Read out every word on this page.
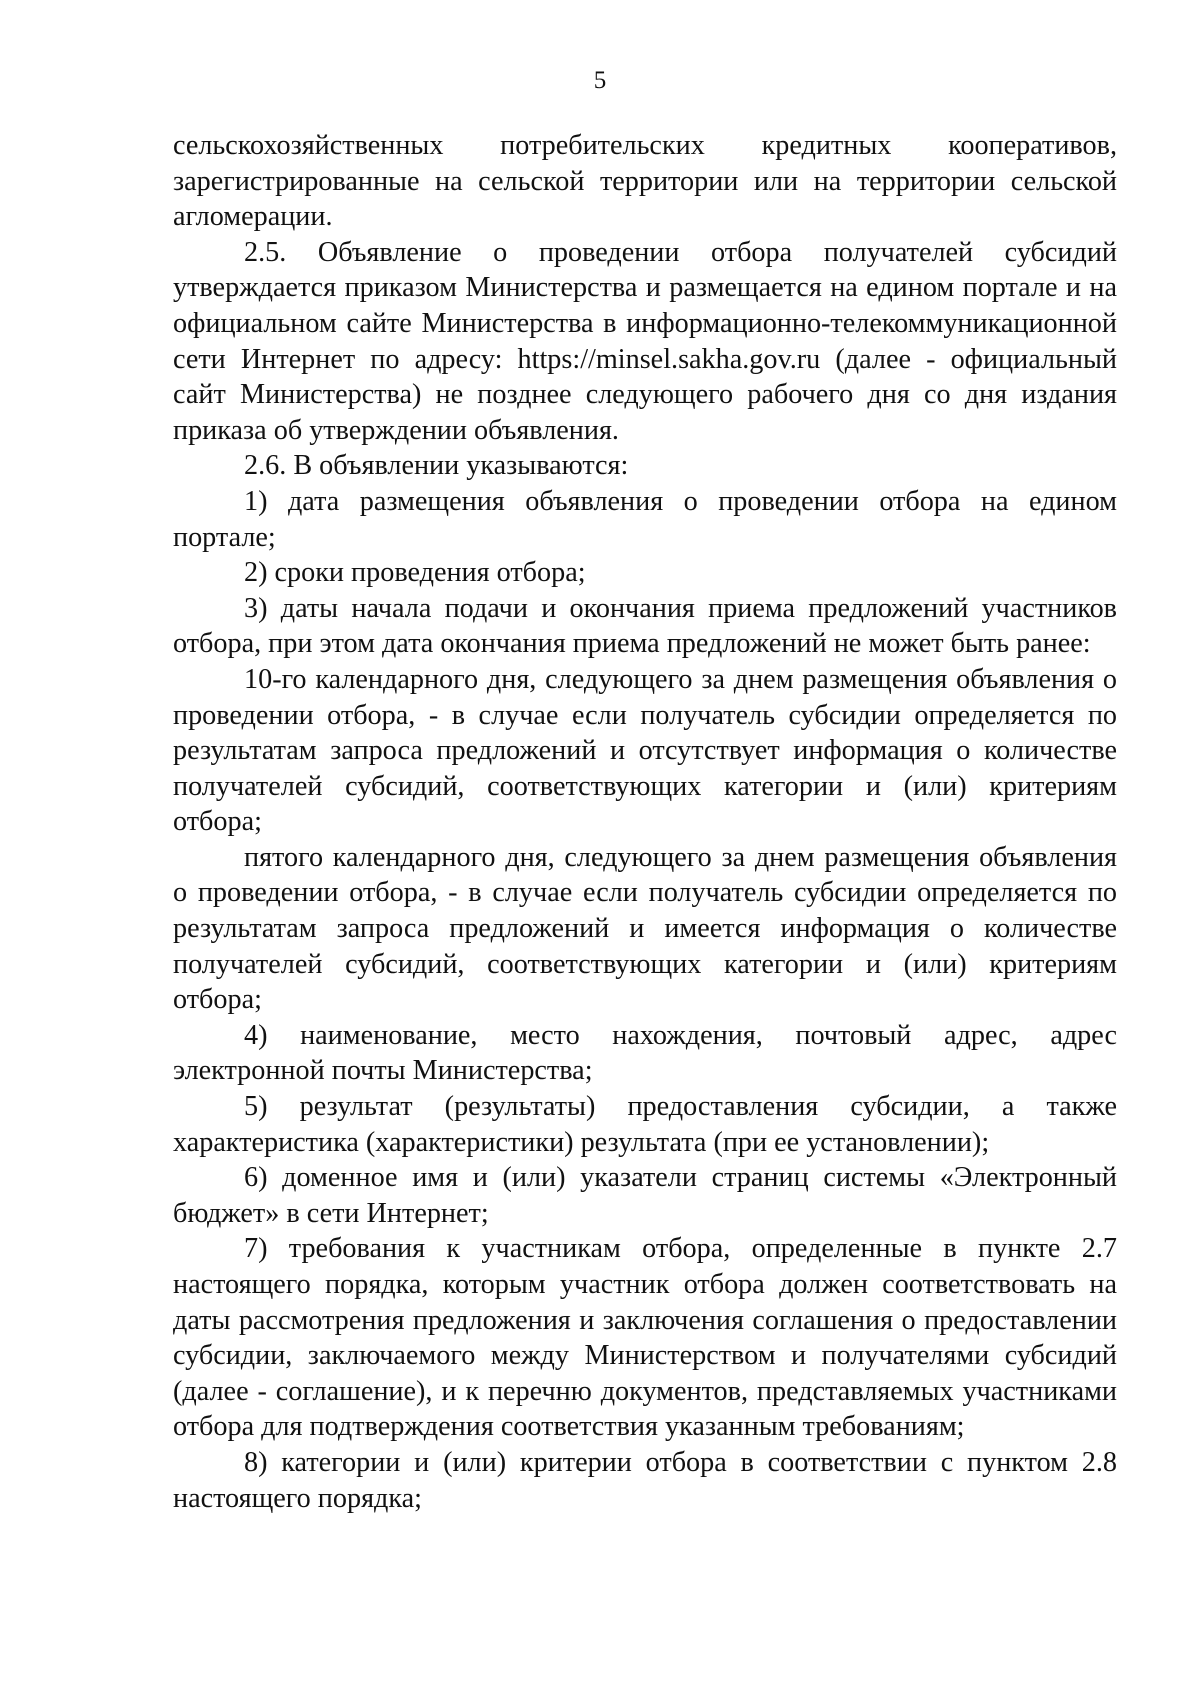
5

сельскохозяйственных потребительских кредитных кооперативов, зарегистрированные на сельской территории или на территории сельской агломерации.

2.5. Объявление о проведении отбора получателей субсидий утверждается приказом Министерства и размещается на едином портале и на официальном сайте Министерства в информационно-телекоммуникационной сети Интернет по адресу: https://minsel.sakha.gov.ru (далее - официальный сайт Министерства) не позднее следующего рабочего дня со дня издания приказа об утверждении объявления.

2.6. В объявлении указываются:

1) дата размещения объявления о проведении отбора на едином портале;

2) сроки проведения отбора;

3) даты начала подачи и окончания приема предложений участников отбора, при этом дата окончания приема предложений не может быть ранее:

10-го календарного дня, следующего за днем размещения объявления о проведении отбора, - в случае если получатель субсидии определяется по результатам запроса предложений и отсутствует информация о количестве получателей субсидий, соответствующих категории и (или) критериям отбора;

пятого календарного дня, следующего за днем размещения объявления о проведении отбора, - в случае если получатель субсидии определяется по результатам запроса предложений и имеется информация о количестве получателей субсидий, соответствующих категории и (или) критериям отбора;

4) наименование, место нахождения, почтовый адрес, адрес электронной почты Министерства;

5) результат (результаты) предоставления субсидии, а также характеристика (характеристики) результата (при ее установлении);

6) доменное имя и (или) указатели страниц системы «Электронный бюджет» в сети Интернет;

7) требования к участникам отбора, определенные в пункте 2.7 настоящего порядка, которым участник отбора должен соответствовать на даты рассмотрения предложения и заключения соглашения о предоставлении субсидии, заключаемого между Министерством и получателями субсидий (далее - соглашение), и к перечню документов, представляемых участниками отбора для подтверждения соответствия указанным требованиям;

8) категории и (или) критерии отбора в соответствии с пунктом 2.8 настоящего порядка;
